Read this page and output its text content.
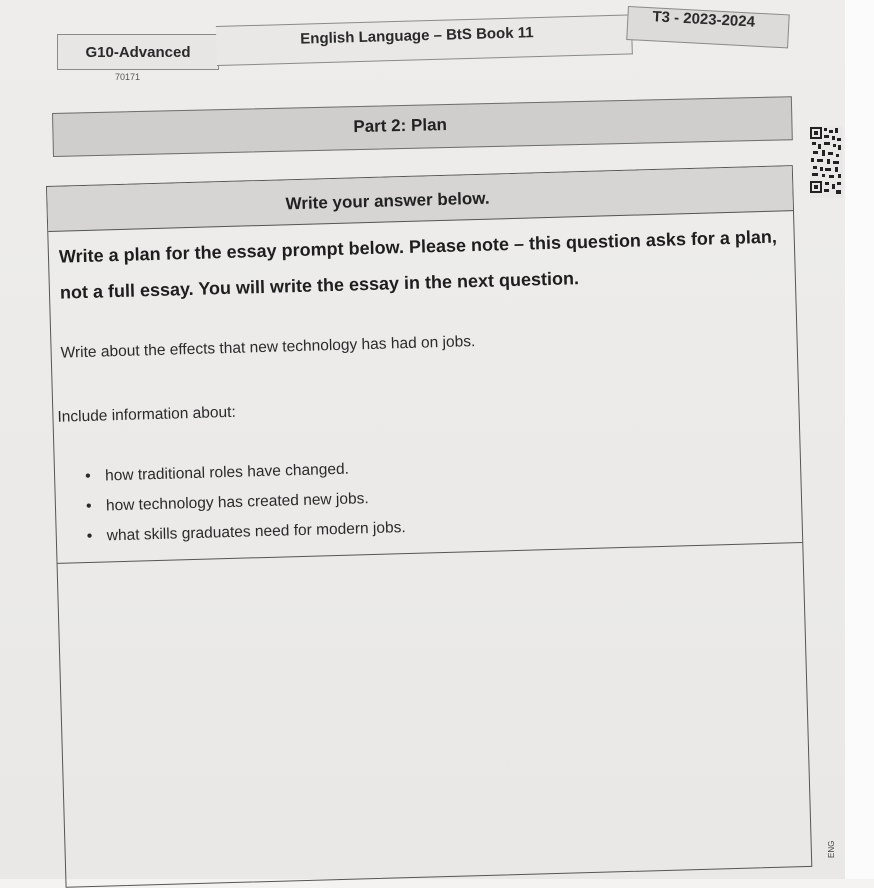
G10-Advanced
English Language – BtS Book 11
T3 - 2023-2024
70171
Part 2: Plan
Write your answer below.
Write a plan for the essay prompt below. Please note – this question asks for a plan, not a full essay. You will write the essay in the next question.
Write about the effects that new technology has had on jobs.
Include information about:
• how traditional roles have changed.
• how technology has created new jobs.
• what skills graduates need for modern jobs.
ENG
